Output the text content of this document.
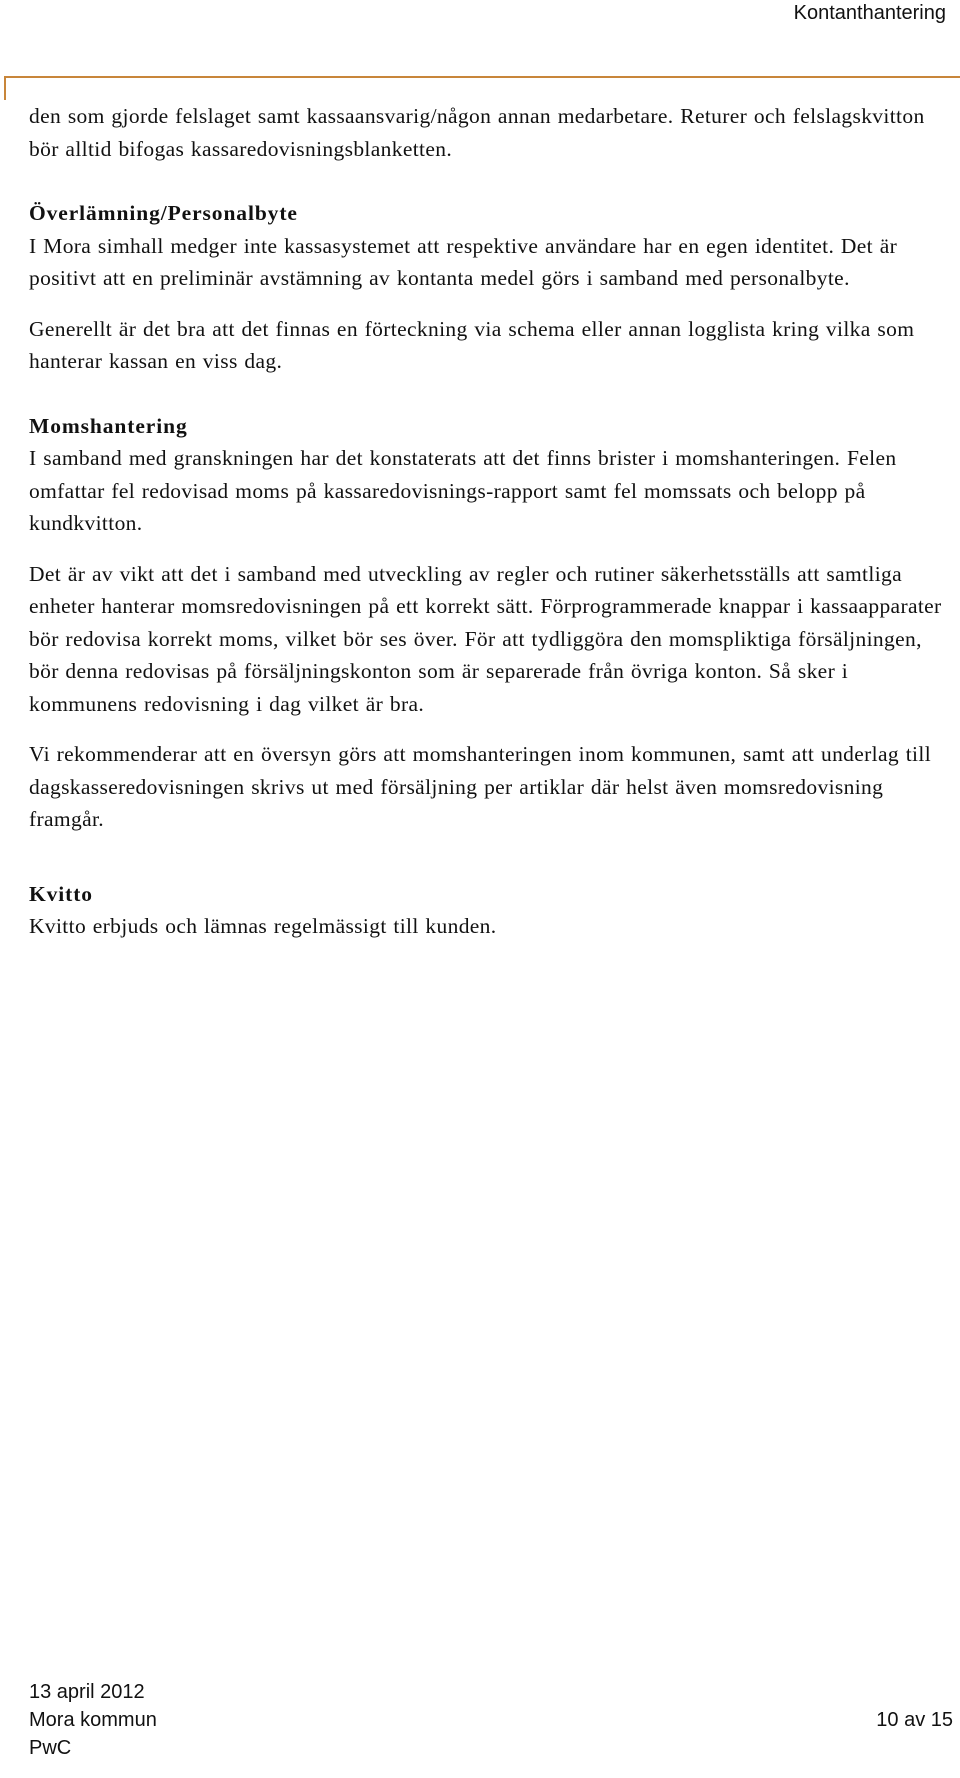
Kontanthantering

den som gjorde felslaget samt kassaansvarig/någon annan medarbetare. Returer och felslagskvitton bör alltid bifogas kassaredovisningsblanketten.

Överlämning/Personalbyte

I Mora simhall medger inte kassasystemet att respektive användare har en egen identitet. Det är positivt att en preliminär avstämning av kontanta medel görs i samband med personalbyte.

Generellt är det bra att det finnas en förteckning via schema eller annan logglista kring vilka som hanterar kassan en viss dag.

Momshantering

I samband med granskningen har det konstaterats att det finns brister i momshanteringen. Felen omfattar fel redovisad moms på kassaredovisnings-rapport samt fel momssats och belopp på kundkvitton.

Det är av vikt att det i samband med utveckling av regler och rutiner säkerhetsställs att samtliga enheter hanterar momsredovisningen på ett korrekt sätt. Förprogrammerade knappar i kassaapparater bör redovisa korrekt moms, vilket bör ses över. För att tydliggöra den momspliktiga försäljningen, bör denna redovisas på försäljningskonton som är separerade från övriga konton. Så sker i kommunens redovisning i dag vilket är bra.

Vi rekommenderar att en översyn görs att momshanteringen inom kommunen, samt att underlag till dagskasseredovisningen skrivs ut med försäljning per artiklar där helst även momsredovisning framgår.

Kvitto

Kvitto erbjuds och lämnas regelmässigt till kunden.

13 april 2012
Mora kommun
PwC
10 av 15
